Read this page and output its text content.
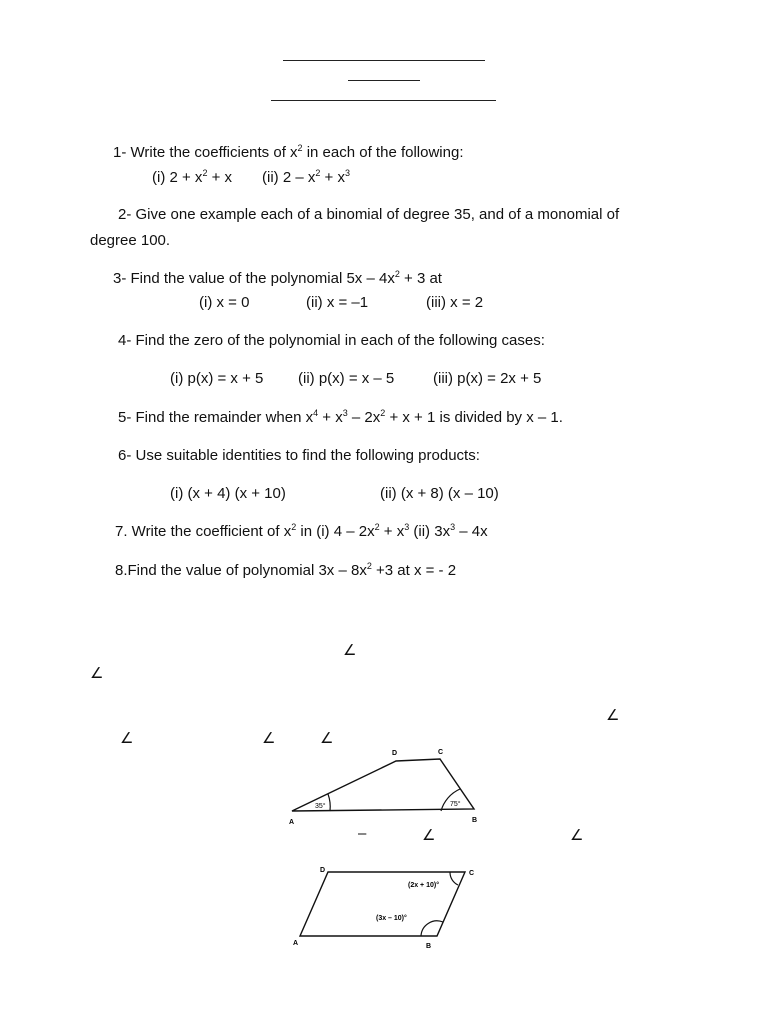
1- Write the coefficients of $x^2$ in each of the following:
(i) $2 + x^2 + x$ (ii) $2 - x^2 + x^3$
2- Give one example each of a binomial of degree 35, and of a monomial of
degree 100.
3- Find the value of the polynomial $5x - 4x^2 + 3$ at
(i) x = 0	(ii) x = –1	(iii) x = 2
4- Find the zero of the polynomial in each of the following cases:
(i) p(x) = x + 5 (ii) p(x) = x – 5	(iii) p(x) = 2x + 5
5- Find the remainder when $x^4 + x^3 - 2x^2 + x + 1$ is divided by x – 1.
6- Use suitable identities to find the following products:
(i) (x + 4) (x + 10)	(ii) (x + 8) (x – 10)
7. Write the coefficient of $x^2$ in (i) $4 - 2x^2 + x^3$ (ii) $3x^3 - 4x$
8.Find the value of polynomial $3x - 8x^2 +3$ at x = - 2
∠
∠
∠
∠	∠	∠
–	∠	∠
A	B
C
D
35°	75°
A	B
C
D
(2x + 10)°
(3x – 10)°
